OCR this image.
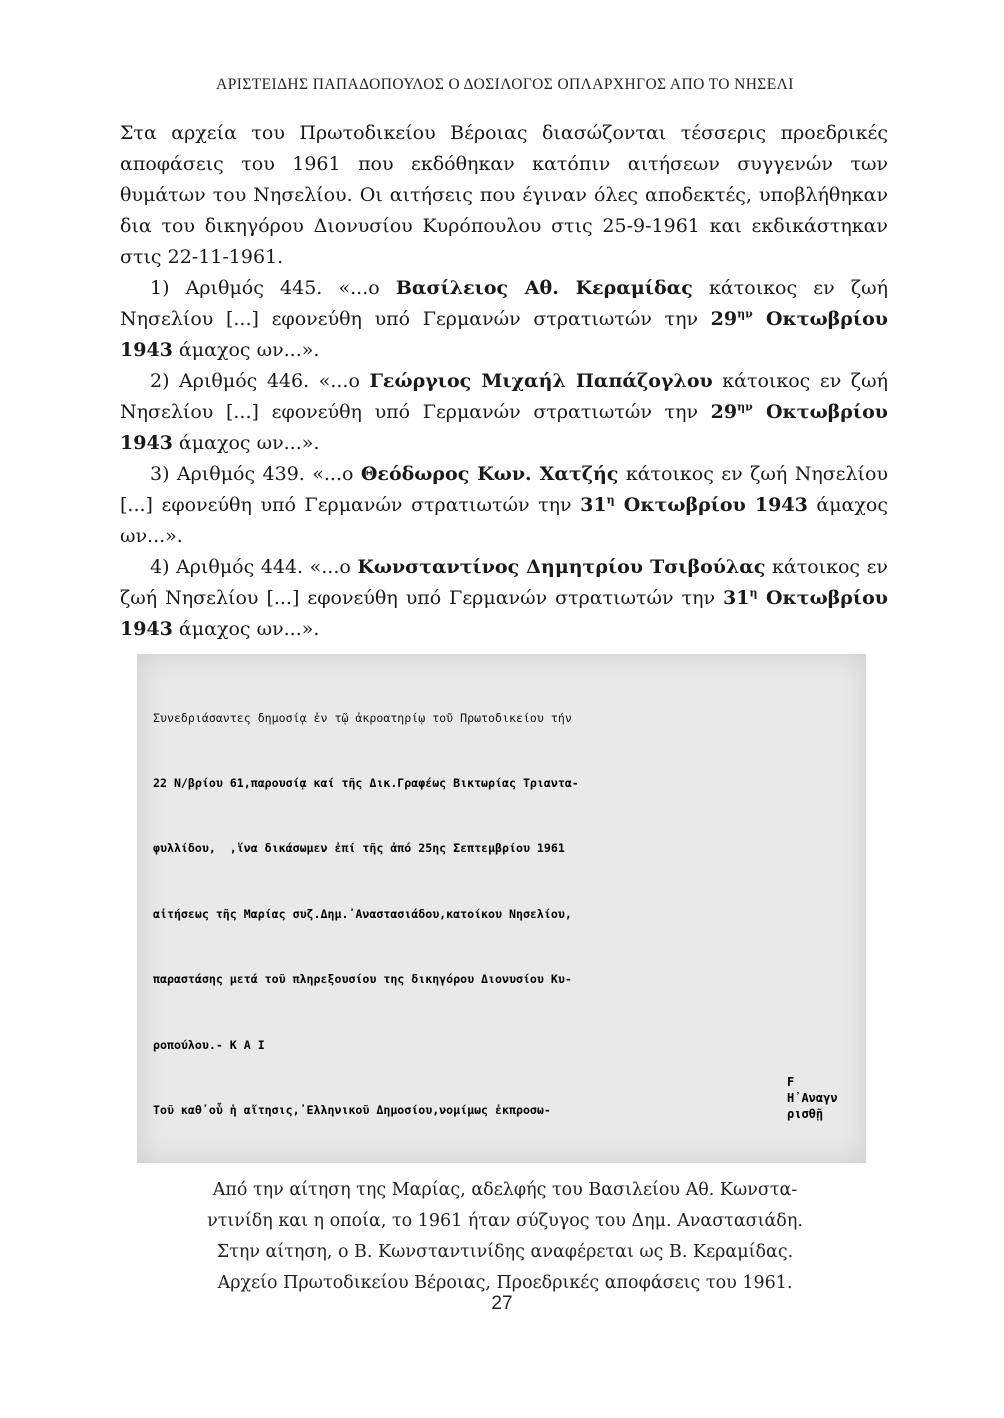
ΑΡΙΣΤΕΙΔΗΣ ΠΑΠΑΔΟΠΟΥΛΟΣ Ο ΔΟΣΙΛΟΓΟΣ ΟΠΛΑΡΧΗΓΟΣ ΑΠΟ ΤΟ ΝΗΣΕΛΙ

Στα αρχεία του Πρωτοδικείου Βέροιας διασώζονται τέσσερις προεδρικές αποφάσεις του 1961 που εκδόθηκαν κατόπιν αιτήσεων συγγενών των θυμάτων του Νησελίου. Οι αιτήσεις που έγιναν όλες αποδεκτές, υποβλήθηκαν δια του δικηγόρου Διονυσίου Κυρόπουλου στις 25-9-1961 και εκδικάστηκαν στις 22-11-1961.

1) Αριθμός 445. «...ο Βασίλειος Αθ. Κεραμίδας κάτοικος εν ζωή Νησελίου [...] εφονεύθη υπό Γερμανών στρατιωτών την $29^{\eta\nu}$ Οκτωβρίου 1943 άμαχος ων...».

2) Αριθμός 446. «...ο Γεώργιος Μιχαήλ Παπάζογλου κάτοικος εν ζωή Νησελίου [...] εφονεύθη υπό Γερμανών στρατιωτών την $29^{\eta\nu}$ Οκτωβρίου 1943 άμαχος ων...».

3) Αριθμός 439. «...ο Θεόδωρος Κων. Χατζής κάτοικος εν ζωή Νησελίου [...] εφονεύθη υπό Γερμανών στρατιωτών την $31^\eta$ Οκτωβρίου 1943 άμαχος ων...».

4) Αριθμός 444. «...ο Κωνσταντίνος Δημητρίου Τσιβούλας κάτοικος εν ζωή Νησελίου [...] εφονεύθη υπό Γερμανών στρατιωτών την $31^\eta$ Οκτωβρίου 1943 άμαχος ων...».

Συνεδριάσαντες δημοσίᾳ ἐν τῷ ἀκροατηρίῳ τοῦ Πρωτοδικείου τήν

22 Ν/βρίου 61,παρουσίᾳ καί τῆς Δικ.Γραφέως Βικτωρίας Τριαντα-

φυλλίδου,  ,ἵνα δικάσωμεν ἐπί τῆς ἀπό 25ης Σεπτεμβρίου 1961

αἰτήσεως τῆς Μαρίας συζ.Δημ.᾿Αναστασιάδου,κατοίκου Νησελίου,

παραστάσης μετά τοῦ πληρεξουσίου της δικηγόρου Διονυσίου Κυ-

ροπούλου.- Κ Α Ι

Τοῦ καθ᾿οὗ ἡ αἴτησις,᾿Ελληνικοῦ Δημοσίου,νομίμως ἐκπροσω-

F
Η᾿Αναγν
ρισθῇ
Από την αίτηση της Μαρίας, αδελφής του Βασιλείου Αθ. Κωνστα-
ντινίδη και η οποία, το 1961 ήταν σύζυγος του Δημ. Αναστασιάδη.
Στην αίτηση, ο Β. Κωνσταντινίδης αναφέρεται ως Β. Κεραμίδας.
Αρχείο Πρωτοδικείου Βέροιας, Προεδρικές αποφάσεις του 1961.
27
